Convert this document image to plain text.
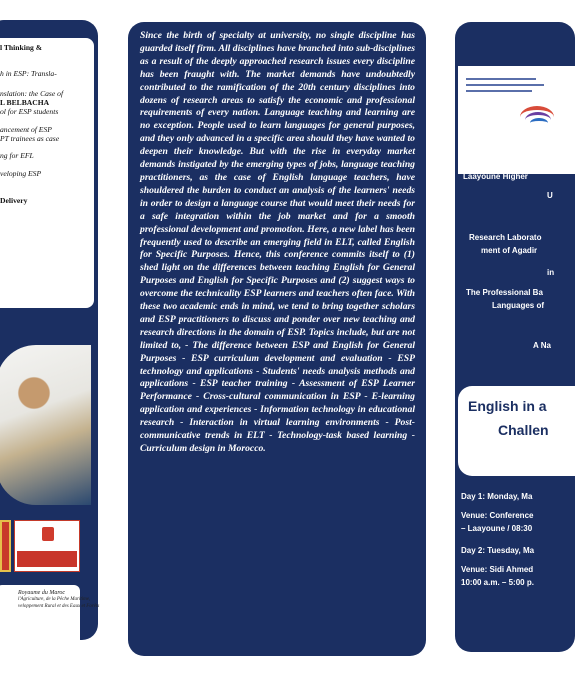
l Thinking &

h in ESP: Transla-

nslation: the Case of

L BELBACHA

ol for ESP students

ancement of ESP

PT trainees as case

ng for EFL

veloping ESP

Delivery

Royaume du Maroc

l'Agriculture, de la Pêche Maritime,

veloppement Rural et des Eaux et Forêts

Since the birth of specialty at university, no single discipline has guarded itself firm. All disciplines have branched into sub-disciplines as a result of the deeply approached research issues every discipline has been fraught with. The market demands have undoubtedly contributed to the ramification of the 20th century disciplines into dozens of research areas to satisfy the economic and professional requirements of every nation. Language teaching and learning are no exception. People used to learn languages for general purposes, and they only advanced in a specific area should they have wanted to deepen their knowledge. But with the rise in everyday market demands instigated by the emerging types of jobs, language teaching practitioners, as the case of English language teachers, have shouldered the burden to conduct an analysis of the learners' needs in order to design a language course that would meet their needs for a safe integration within the job market and for a smooth professional development and promotion. Here, a new label has been frequently used to describe an emerging field in ELT, called English for Specific Purposes. Hence, this conference commits itself to (1) shed light on the differences between teaching English for General Purposes and English for Specific Purposes and (2) suggest ways to overcome the technicality ESP learners and teachers often face. With these two academic ends in mind, we tend to bring together scholars and ESP practitioners to discuss and ponder over new teaching and research directions in the domain of ESP. Topics include, but are not limited to, - The difference between ESP and English for General Purposes - ESP curriculum development and evaluation - ESP technology and applications - Students' needs analysis methods and applications - ESP teacher training - Assessment of ESP Learner Performance - Cross-cultural communication in ESP - E-learning application and experiences - Information technology in educational research - Interaction in virtual learning environments - Post-communicative trends in ELT - Technology-task based learning - Curriculum design in Morocco.

Laayoune Higher
U
Research Laborato
ment of Agadir
in
The Professional Ba
Languages of
A Na
English in a
Challen
Day 1: Monday, Ma
Venue: Conference
– Laayoune / 08:30
Day 2: Tuesday, Ma
Venue: Sidi Ahmed
10:00 a.m. – 5:00 p.
